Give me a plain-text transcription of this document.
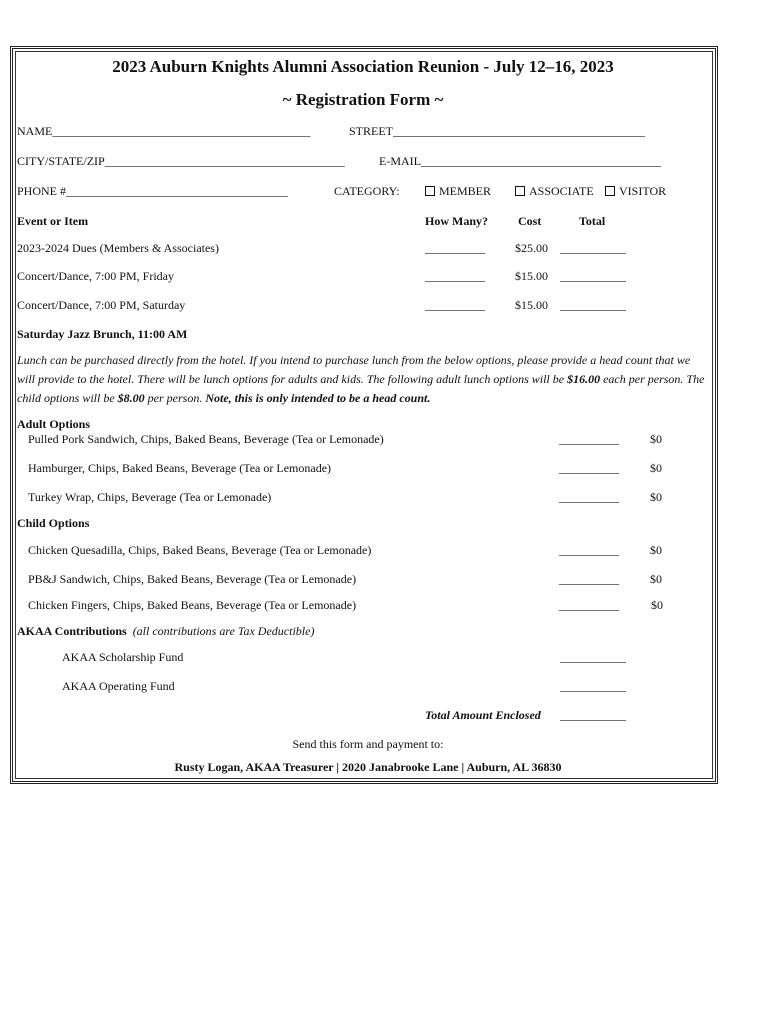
2023 Auburn Knights Alumni Association Reunion - July 12–16, 2023
~ Registration Form ~
NAME___________________________________________	STREET__________________________________________
CITY/STATE/ZIP________________________________________	E-MAIL________________________________________
PHONE #_____________________________________	CATEGORY:	MEMBER	ASSOCIATE	VISITOR
Event or Item	How Many?	Cost	Total
2023-2024 Dues (Members & Associates)	__________	$25.00 ___________
Concert/Dance, 7:00 PM, Friday	__________	$15.00 ___________
Concert/Dance, 7:00 PM, Saturday	__________	$15.00 ___________
Saturday Jazz Brunch, 11:00 AM
Lunch can be purchased directly from the hotel. If you intend to purchase lunch from the below options, please provide a head count that we will provide to the hotel. There will be lunch options for adults and kids. The following adult lunch options will be $16.00 each per person. The child options will be $8.00 per person. Note, this is only intended to be a head count.
Adult Options
Pulled Pork Sandwich, Chips, Baked Beans, Beverage (Tea or Lemonade)	__________	$0
Hamburger, Chips, Baked Beans, Beverage (Tea or Lemonade)	__________	$0
Turkey Wrap, Chips, Beverage (Tea or Lemonade)	__________	$0
Child Options
Chicken Quesadilla, Chips, Baked Beans, Beverage (Tea or Lemonade)	__________	$0
PB&J Sandwich, Chips, Baked Beans, Beverage (Tea or Lemonade)	__________	$0
Chicken Fingers, Chips, Baked Beans, Beverage (Tea or Lemonade)	__________	$0
AKAA Contributions (all contributions are Tax Deductible)
AKAA Scholarship Fund	___________
AKAA Operating Fund	___________
Total Amount Enclosed ___________
Send this form and payment to:
Rusty Logan, AKAA Treasurer | 2020 Janabrooke Lane | Auburn, AL 36830
